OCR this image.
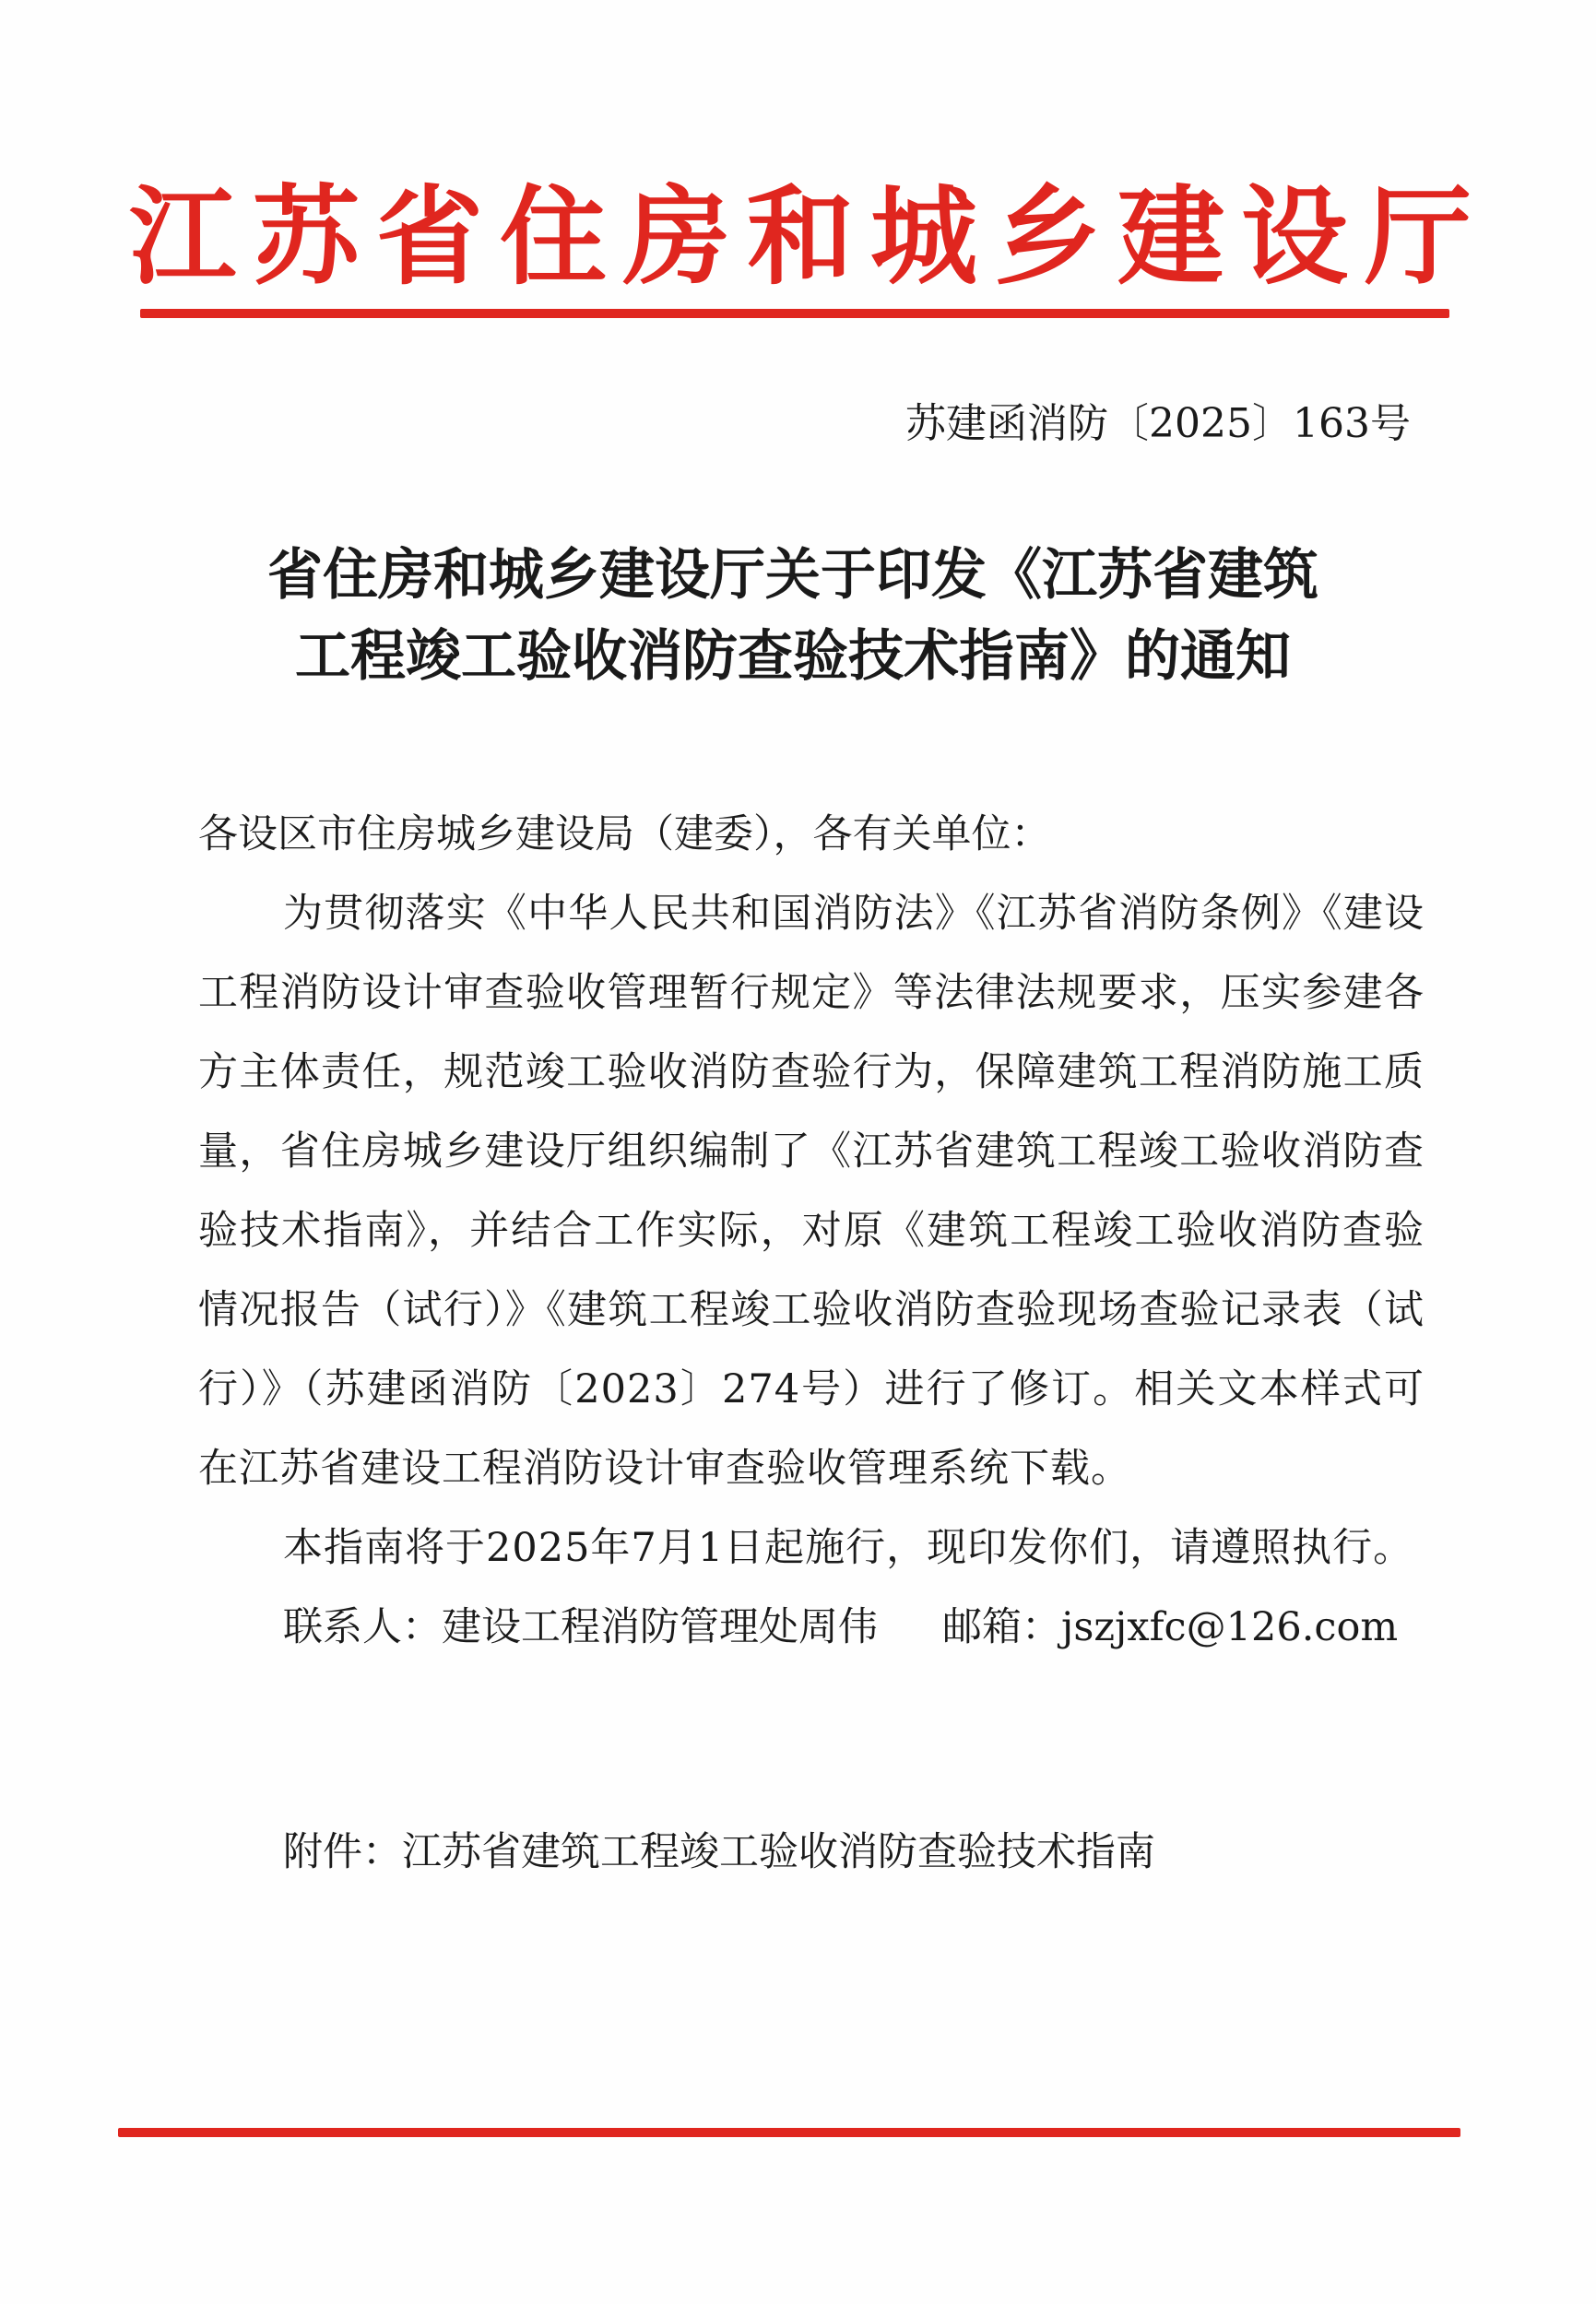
江苏省住房和城乡建设厅
苏建函消防〔2025〕163号
省住房和城乡建设厅关于印发《江苏省建筑
工程竣工验收消防查验技术指南》的通知

各设区市住房城乡建设局（建委），各有关单位：

为贯彻落实《中华人民共和国消防法》《江苏省消防条例》《建设工程消防设计审查验收管理暂行规定》等法律法规要求，压实参建各方主体责任，规范竣工验收消防查验行为，保障建筑工程消防施工质量，省住房城乡建设厅组织编制了《江苏省建筑工程竣工验收消防查验技术指南》，并结合工作实际，对原《建筑工程竣工验收消防查验情况报告（试行）》《建筑工程竣工验收消防查验现场查验记录表（试行）》（苏建函消防〔2023〕274号）进行了修订。相关文本样式可在江苏省建设工程消防设计审查验收管理系统下载。

本指南将于2025年7月1日起施行，现印发你们，请遵照执行。

联系人：建设工程消防管理处周伟 邮箱：jszjxfc@126.com

附件：江苏省建筑工程竣工验收消防查验技术指南
